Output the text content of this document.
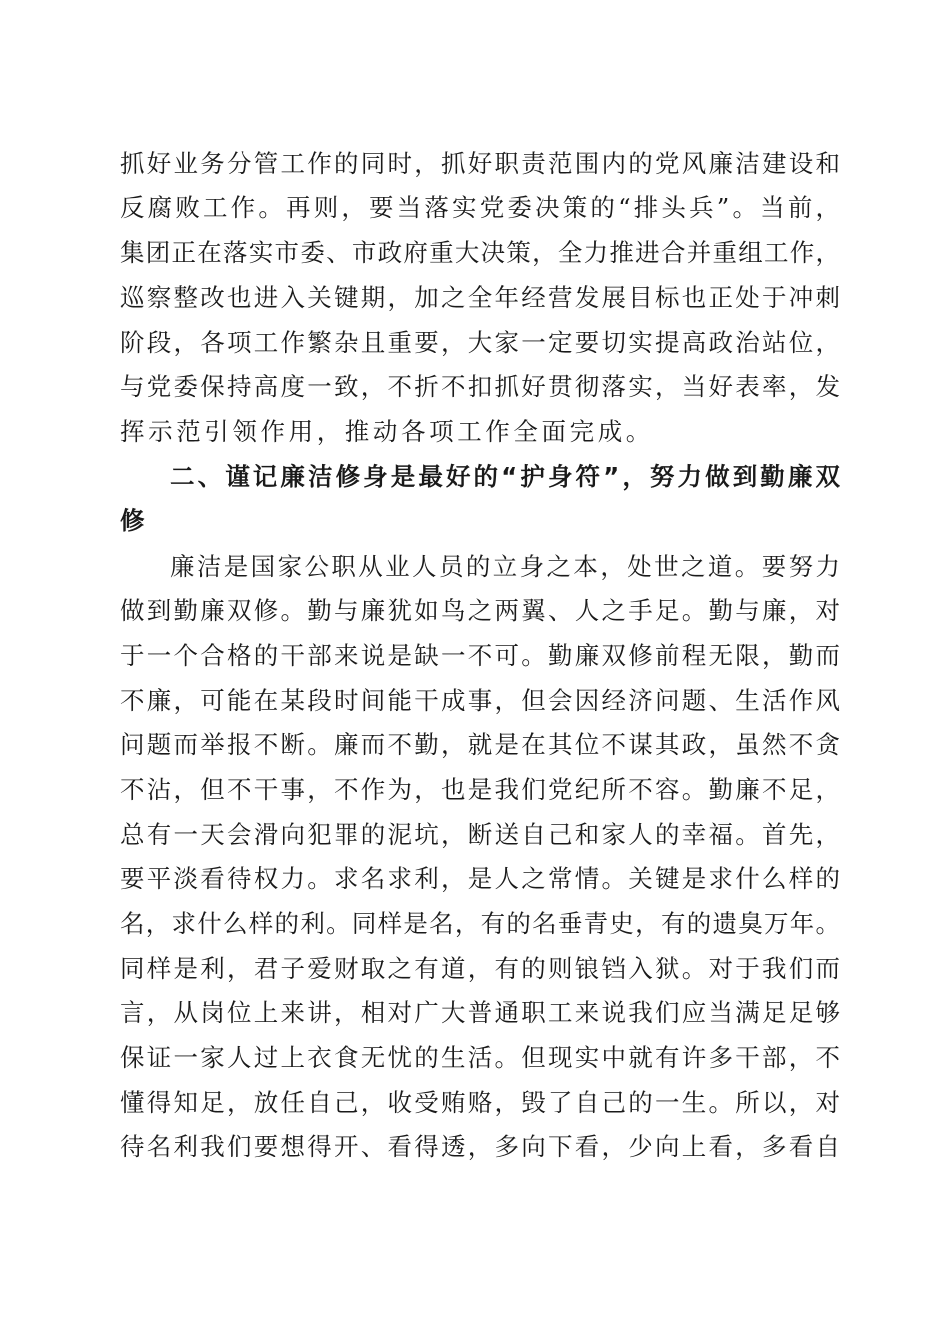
抓好业务分管工作的同时，抓好职责范围内的党风廉洁建设和
反腐败工作。再则，要当落实党委决策的“排头兵”。当前，
集团正在落实市委、市政府重大决策，全力推进合并重组工作，
巡察整改也进入关键期，加之全年经营发展目标也正处于冲刺
阶段，各项工作繁杂且重要，大家一定要切实提高政治站位，
与党委保持高度一致，不折不扣抓好贯彻落实，当好表率，发
挥示范引领作用，推动各项工作全面完成。
二、谨记廉洁修身是最好的“护身符”，努力做到勤廉双
修
廉洁是国家公职从业人员的立身之本，处世之道。要努力
做到勤廉双修。勤与廉犹如鸟之两翼、人之手足。勤与廉，对
于一个合格的干部来说是缺一不可。勤廉双修前程无限，勤而
不廉，可能在某段时间能干成事，但会因经济问题、生活作风
问题而举报不断。廉而不勤，就是在其位不谋其政，虽然不贪
不沾，但不干事，不作为，也是我们党纪所不容。勤廉不足，
总有一天会滑向犯罪的泥坑，断送自己和家人的幸福。首先，
要平淡看待权力。求名求利，是人之常情。关键是求什么样的
名，求什么样的利。同样是名，有的名垂青史，有的遗臭万年。
同样是利，君子爱财取之有道，有的则锒铛入狱。对于我们而
言，从岗位上来讲，相对广大普通职工来说我们应当满足足够
保证一家人过上衣食无忧的生活。但现实中就有许多干部，不
懂得知足，放任自己，收受贿赂，毁了自己的一生。所以，对
待名利我们要想得开、看得透，多向下看，少向上看，多看自
